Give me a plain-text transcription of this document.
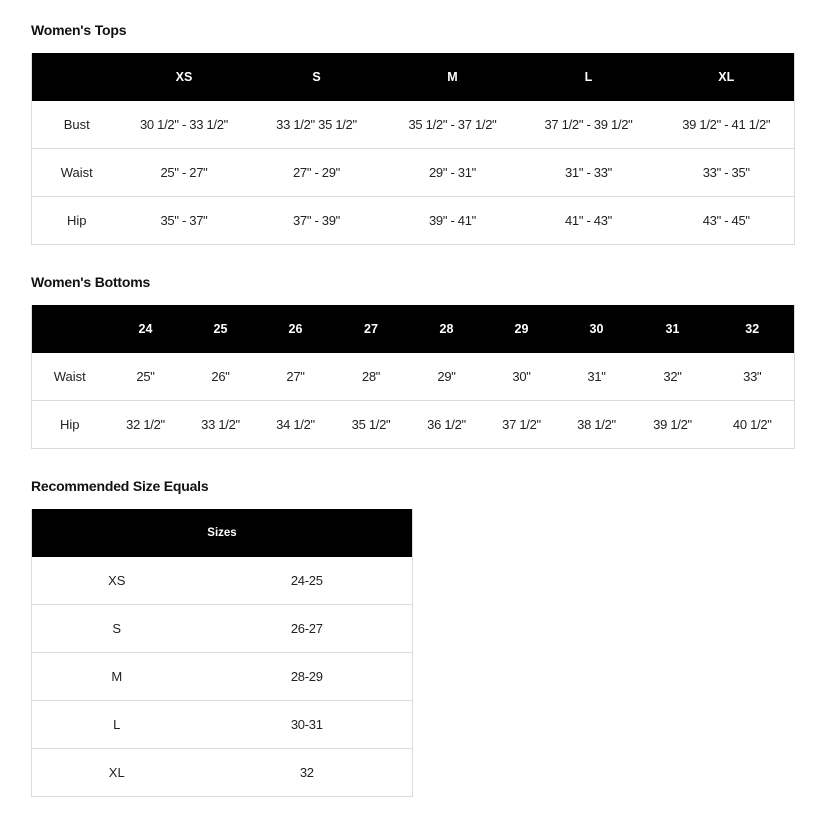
Women's Tops
	XS	S	M	L	XL
Bust	30 1/2" - 33 1/2"	33 1/2" 35 1/2"	35 1/2" - 37 1/2"	37 1/2" - 39 1/2"	39 1/2" - 41 1/2"
Waist	25" - 27"	27" - 29"	29" - 31"	31" - 33"	33" - 35"
Hip	35" - 37"	37" - 39"	39" - 41"	41" - 43"	43" - 45"
Women's Bottoms
	24	25	26	27	28	29	30	31	32
Waist	25"	26"	27"	28"	29"	30"	31"	32"	33"
Hip	32 1/2"	33 1/2"	34 1/2"	35 1/2"	36 1/2"	37 1/2"	38 1/2"	39 1/2"	40 1/2"
Recommended Size Equals
Sizes	
XS	24-25
S	26-27
M	28-29
L	30-31
XL	32
